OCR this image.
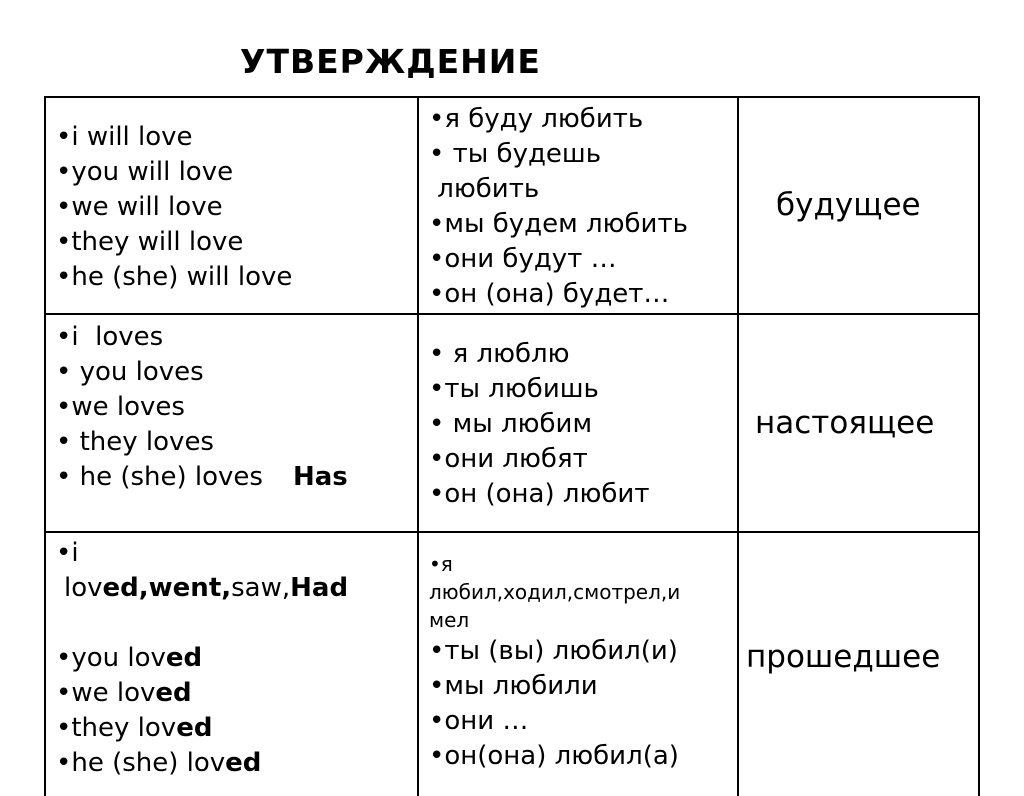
УТВЕРЖДЕНИЕ
•i will love
•you will love
•we will love
•they will love
•he (she) will love
•я буду любить
• ты будешь
любить
•мы будем любить
•они будут …
•он (она) будет…
будущее
•i  loves
• you loves
•we loves
• they loves
• he (she) loves Has
• я люблю
•ты любишь
• мы любим
•они любят
•он (она) любит
настоящее
•i
loved,went,saw,Had
•you loved
•we loved
•they loved
•he (she) loved
•я
любил,ходил,смотрел,и
мел
•ты (вы) любил(и)
•мы любили
•они …
•он(она) любил(а)
прошедшее
